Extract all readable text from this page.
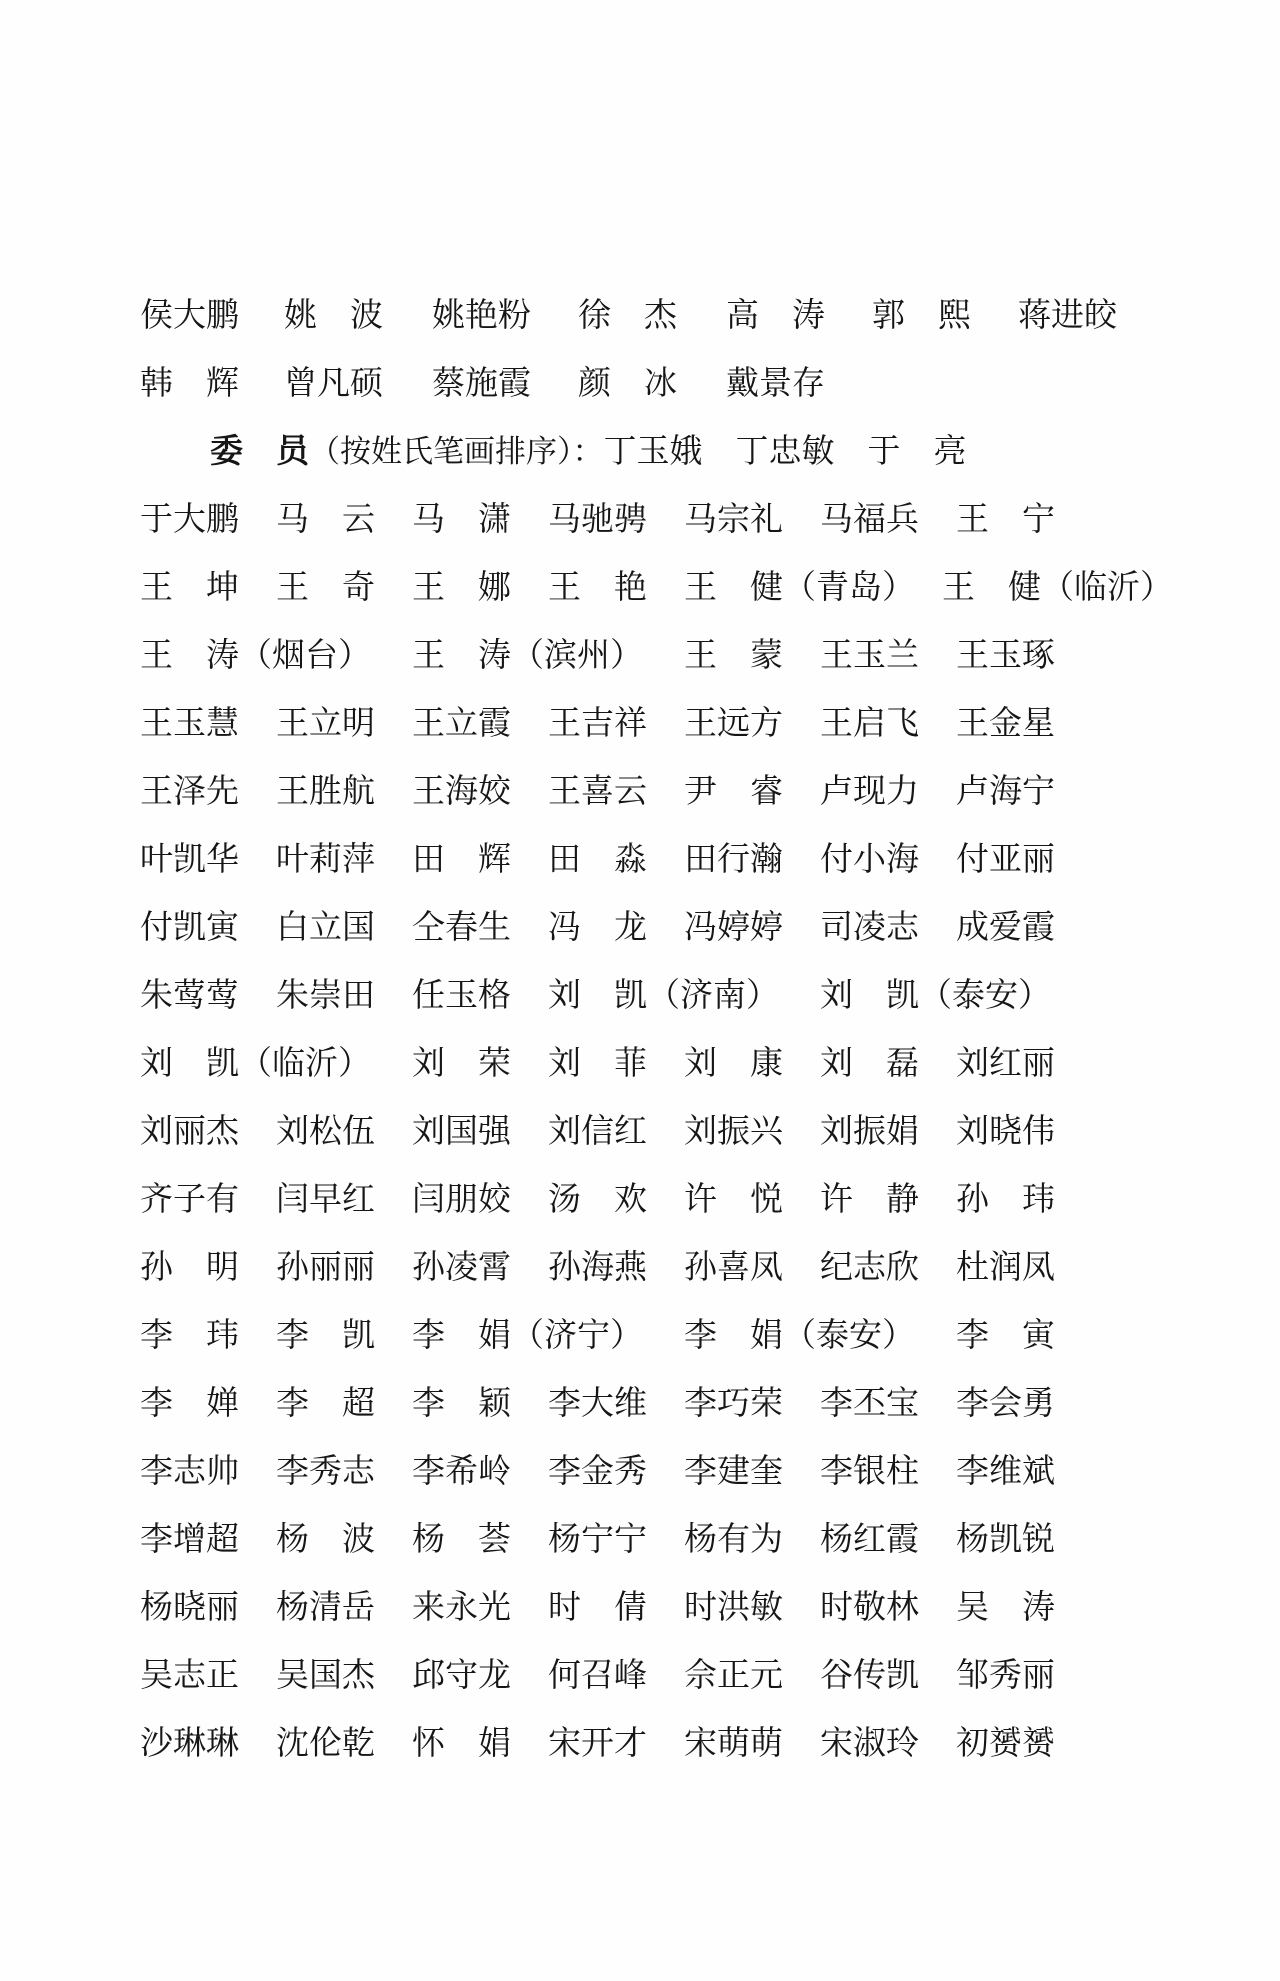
侯大鹏 姚　波 姚艳粉 徐　杰 高　涛 郭　熙 蒋进皎
韩　辉 曾凡硕 蔡施霞 颜　冰 戴景存
委　员（按姓氏笔画排序）：丁玉娥　 丁忠敏　 于　亮
于大鹏 马　云 马　潇 马驰骋 马宗礼 马福兵 王　宁
王　坤 王　奇 王　娜 王　艳 王　健（青岛） 王　健（临沂）
王　涛（烟台） 王　涛（滨州） 王　蒙 王玉兰 王玉琢
王玉慧 王立明 王立霞 王吉祥 王远方 王启飞 王金星
王泽先 王胜航 王海姣 王喜云 尹　睿 卢现力 卢海宁
叶凯华 叶莉萍 田　辉 田　淼 田行瀚 付小海 付亚丽
付凯寅 白立国 仝春生 冯　龙 冯婷婷 司凌志 成爱霞
朱莺莺 朱崇田 任玉格 刘　凯（济南） 刘　凯（泰安）
刘　凯（临沂） 刘　荣 刘　菲 刘　康 刘　磊 刘红丽
刘丽杰 刘松伍 刘国强 刘信红 刘振兴 刘振娟 刘晓伟
齐子有 闫早红 闫朋姣 汤　欢 许　悦 许　静 孙　玮
孙　明 孙丽丽 孙凌霄 孙海燕 孙喜凤 纪志欣 杜润凤
李　玮 李　凯 李　娟（济宁） 李　娟（泰安） 李　寅
李　婵 李　超 李　颖 李大维 李巧荣 李丕宝 李会勇
李志帅 李秀志 李希岭 李金秀 李建奎 李银柱 李维斌
李增超 杨　波 杨　荟 杨宁宁 杨有为 杨红霞 杨凯锐
杨晓丽 杨清岳 来永光 时　倩 时洪敏 时敬林 吴　涛
吴志正 吴国杰 邱守龙 何召峰 佘正元 谷传凯 邹秀丽
沙琳琳 沈伦乾 怀　娟 宋开才 宋萌萌 宋淑玲 初赟赟
